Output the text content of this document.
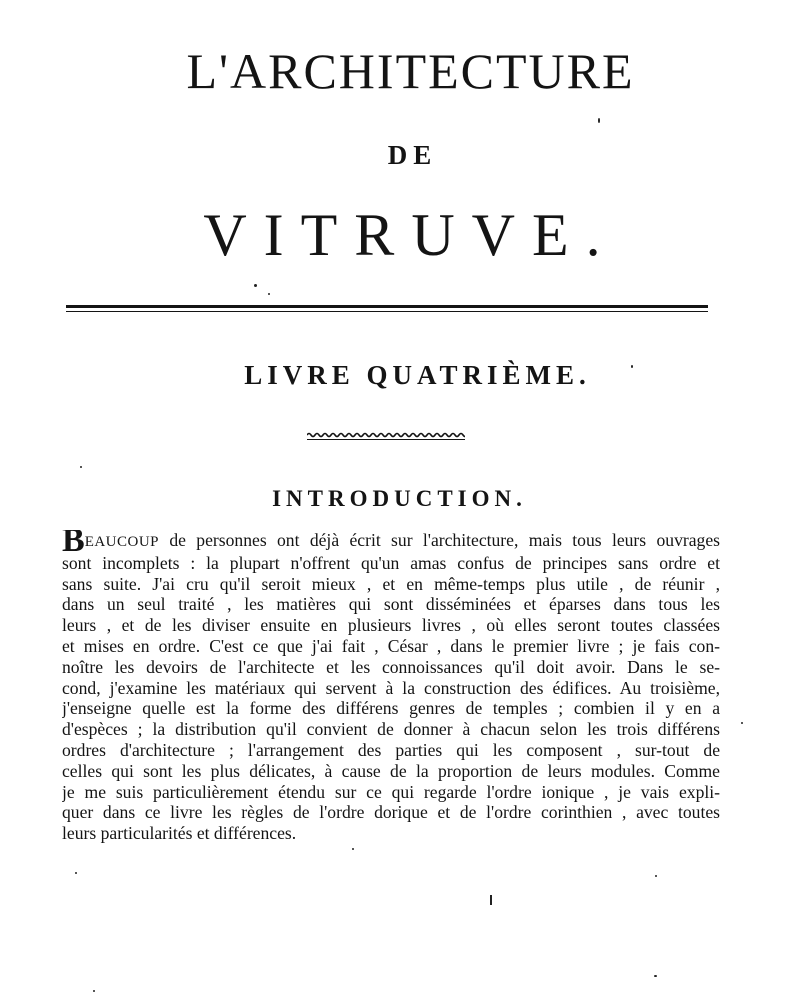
L'ARCHITECTURE
DE
VITRUVE.
LIVRE QUATRIÈME.
INTRODUCTION.
BEAUCOUP de personnes ont déjà écrit sur l'architecture, mais tous leurs ouvrages
sont incomplets : la plupart n'offrent qu'un amas confus de principes sans ordre et
sans suite. J'ai cru qu'il seroit mieux , et en même-temps plus utile , de réunir ,
dans un seul traité , les matières qui sont disséminées et éparses dans tous les
leurs , et de les diviser ensuite en plusieurs livres , où elles seront toutes classées
et mises en ordre. C'est ce que j'ai fait , César , dans le premier livre ; je fais con-
noître les devoirs de l'architecte et les connoissances qu'il doit avoir. Dans le se-
cond, j'examine les matériaux qui servent à la construction des édifices. Au troisième,
j'enseigne quelle est la forme des différens genres de temples ; combien il y en a
d'espèces ; la distribution qu'il convient de donner à chacun selon les trois différens
ordres d'architecture ; l'arrangement des parties qui les composent , sur-tout de
celles qui sont les plus délicates, à cause de la proportion de leurs modules. Comme
je me suis particulièrement étendu sur ce qui regarde l'ordre ionique , je vais expli-
quer dans ce livre les règles de l'ordre dorique et de l'ordre corinthien , avec toutes
leurs particularités et différences.
